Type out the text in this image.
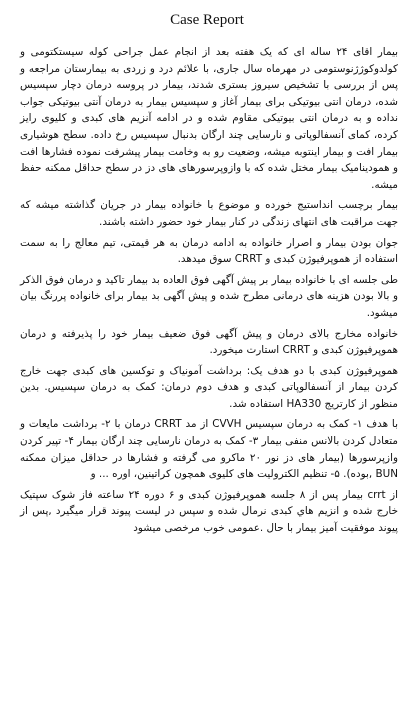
Case Report

بیمار اقای ۲۴ ساله ای که یک هفته بعد از انجام عمل جراحی کوله سیستکتومی و کولدوکوژژنوستومی در مهرماه سال جاری، با علائم درد و زردی به بیمارستان مراجعه و پس از بررسی با تشخیص سیروز بستری شدند، بیمار در پروسه درمان دچار سپسیس شده، درمان انتی بیوتیکی برای بیمار آغاز و سپسیس بیمار به درمان آنتی بیوتیکی جواب نداده و به درمان انتی بیوتیکی مقاوم شده و در ادامه آنزیم های کبدی و کلیوی رایز کرده، کمای آنسفالوپاتی و نارسایی چند ارگان بدنبال سپسیس رخ داده. سطح هوشیاری بیمار افت و بیمار اینتوبه میشه، وضعیت رو به وخامت بیمار پیشرفت نموده فشارها افت و همودینامیک بیمار مختل شده که با وازوپرسورهای های دز در سطح حداقل ممکنه حفظ میشه.

بیمار برچسب انداستیج خورده و موضوع با خانواده بیمار در جریان گذاشته میشه که جهت مراقبت های انتهای زندگی در کنار بیمار خود حضور داشته باشند.

جوان بودن بیمار و اصرار خانواده به ادامه درمان به هر قیمتی، تیم معالج را به سمت استفاده از هموپرفیوژن کبدی و CRRT سوق میدهد.

طی جلسه ای با خانواده بیمار بر پیش آگهی فوق العاده بد بیمار تاکید و درمان فوق الذکر و بالا بودن هزینه های درمانی مطرح شده و پیش آگهی بد بیمار برای خانواده پررنگ بیان میشود.

خانواده مخارج بالای درمان و پیش آگهی فوق ضعیف بیمار خود را پذیرفته و درمان هموپرفیوژن کبدی و CRRT استارت میخورد.

هموپرفیوژن کبدی با دو هدف یک: برداشت آمونیاک و توکسین های کبدی جهت خارج کردن بیمار از آنسفالوپاتی کبدی و هدف دوم درمان: کمک به درمان سپسیس. بدین منظور از کارتریج HA330 استفاده شد.

با هدف ۱- کمک به درمان سپسیس CVVH از مد CRRT درمان با ۲- برداشت مایعات و متعادل کردن بالانس منفی بیمار ۳- کمک به درمان نارسایی چند ارگان بیمار ۴- تپیر کردن وازپرسورها (بیمار های دز نور ۲۰ ماکرو می گرفته و فشارها در حداقل میزان ممکنه BUN ,بوده). ۵- تنظیم الکترولیت های کلیوی همچون کراتینین، اوره ... و

از crrt بیمار پس از ۸ جلسه هموپرفیوژن کبدی و ۶ دوره ۲۴ ساعته فاز شوک سپتیک خارج شده و انزیم هاي کبدی نرمال شده و سپس در لیست پیوند قرار میگیرد ,پس از پیوند موفقیت آمیز بیمار با حال .عمومی خوب مرخصی میشود
